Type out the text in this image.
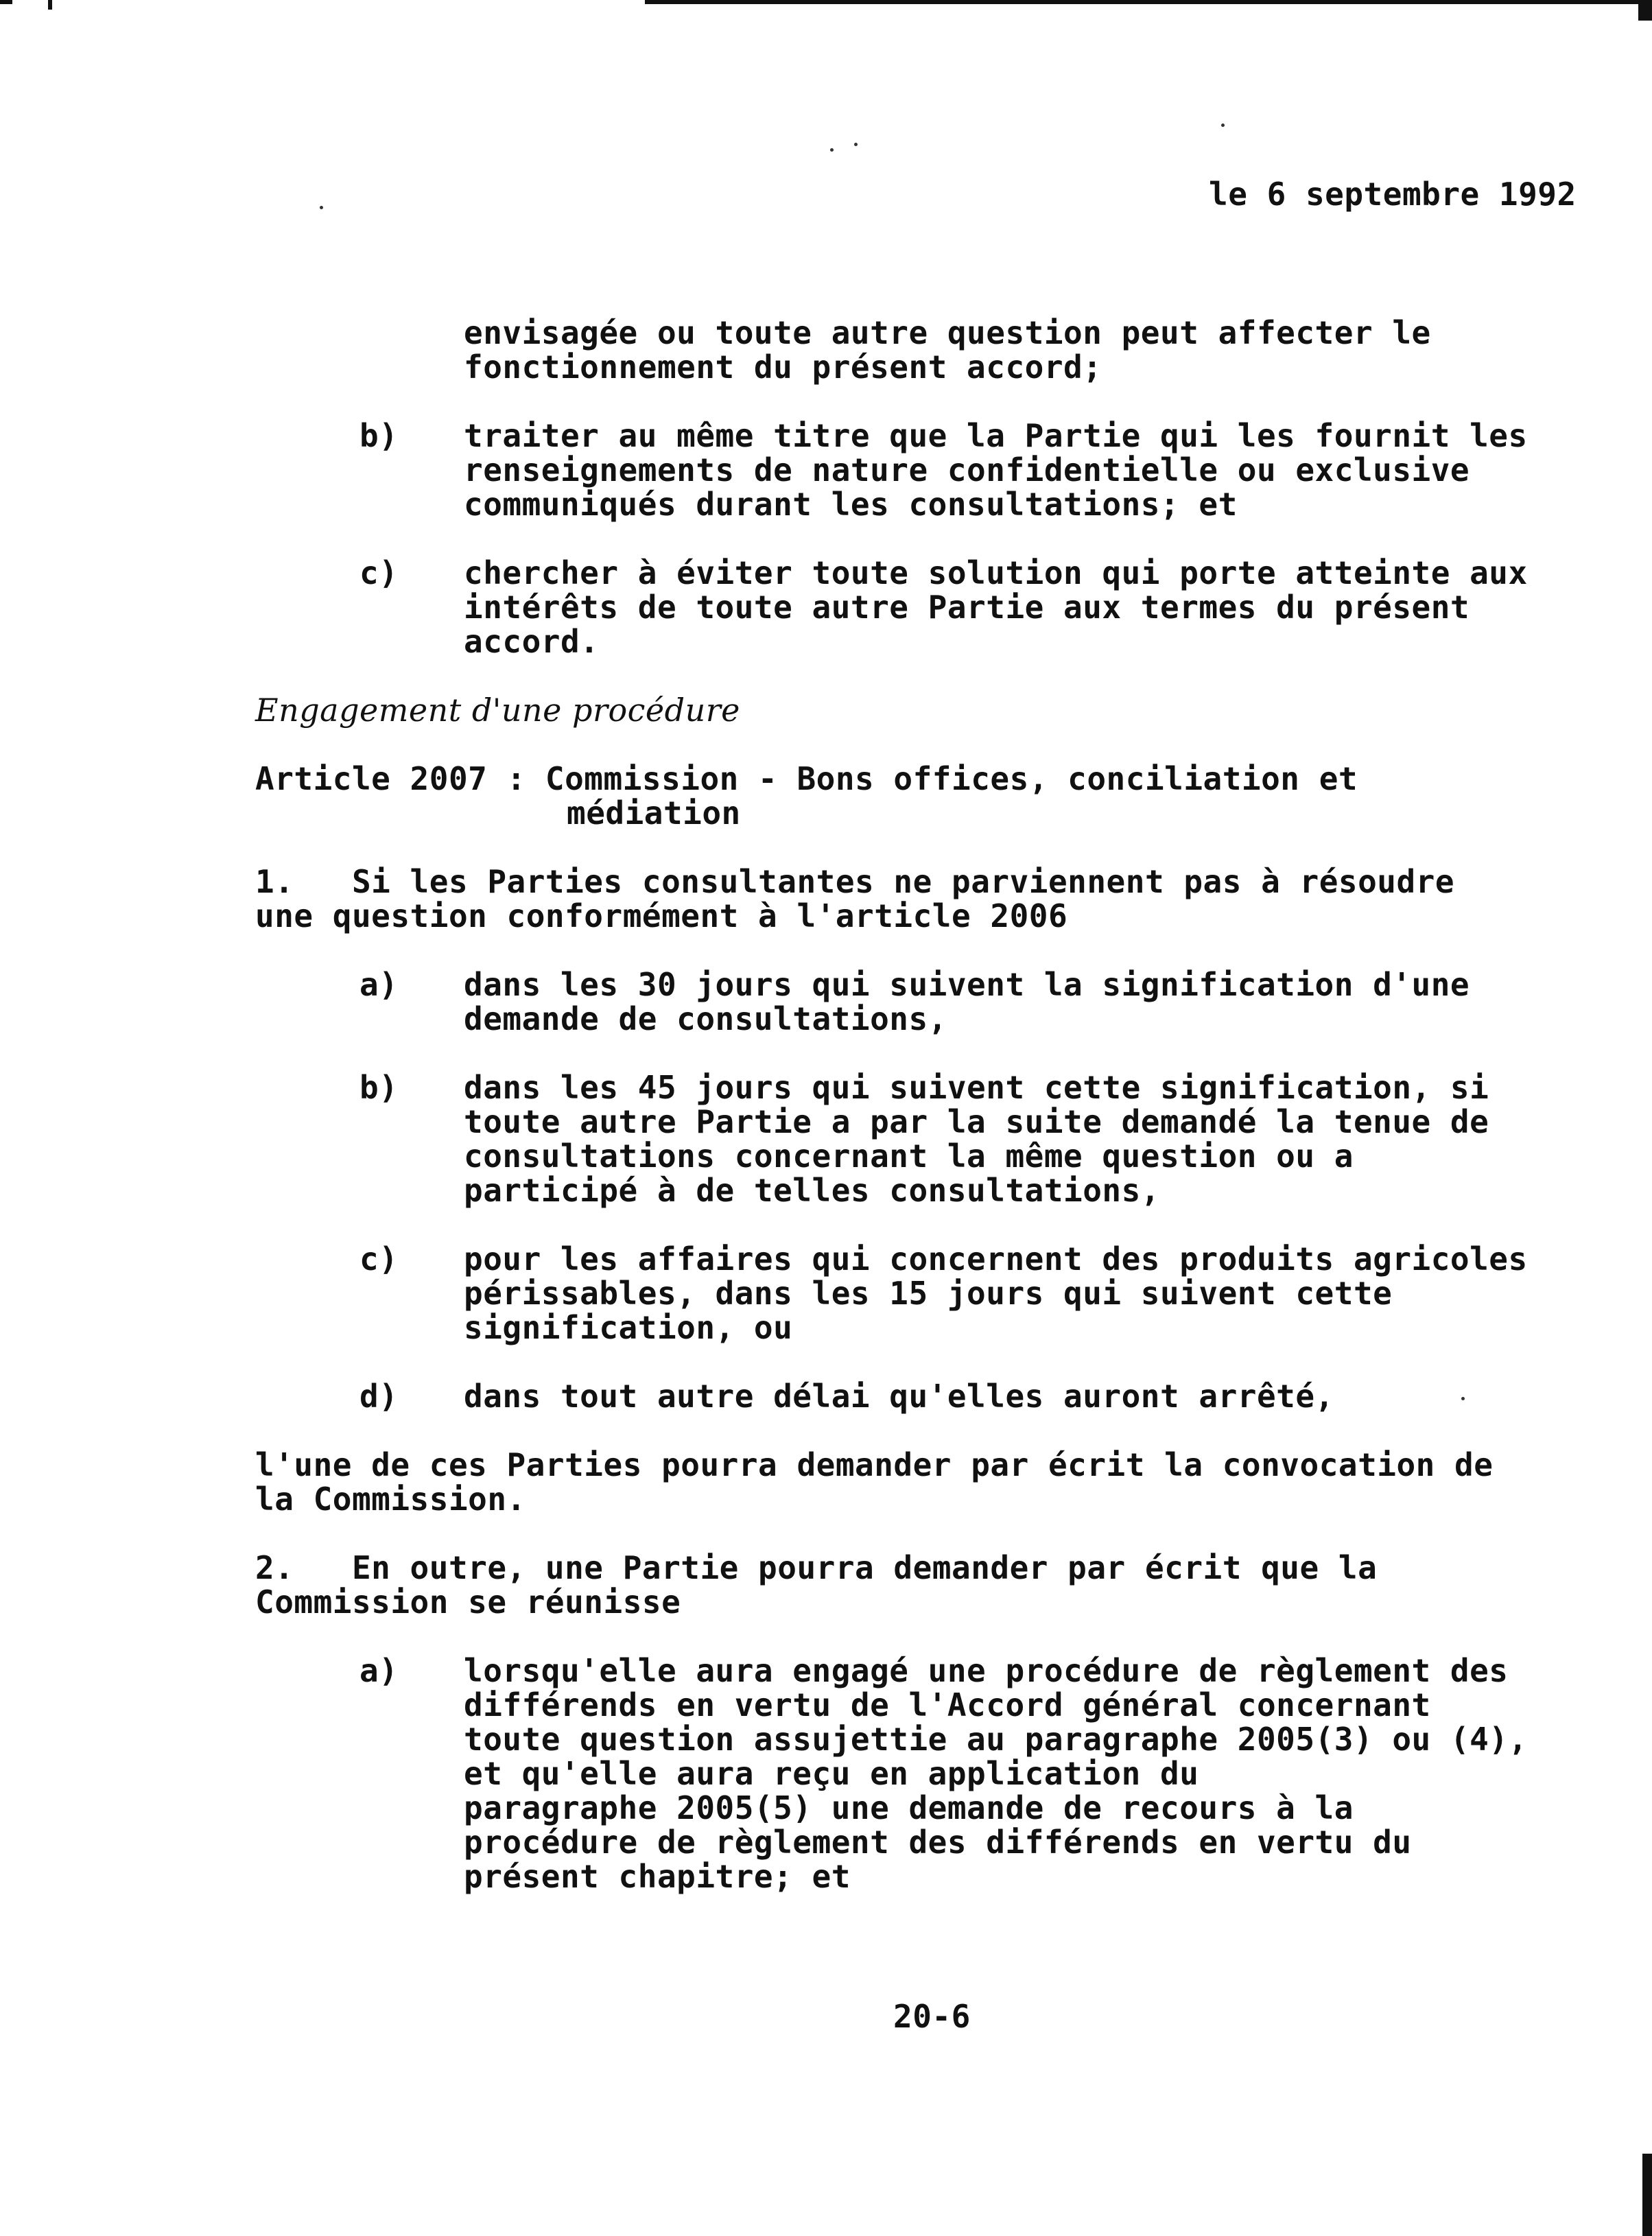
le 6 septembre 1992
envisagée ou toute autre question peut affecter le
fonctionnement du présent accord;
b) traiter au même titre que la Partie qui les fournit les
renseignements de nature confidentielle ou exclusive
communiqués durant les consultations; et
c) chercher à éviter toute solution qui porte atteinte aux
intérêts de toute autre Partie aux termes du présent
accord.
Engagement d'une procédure
Article 2007 : Commission - Bons offices, conciliation et
médiation
1.   Si les Parties consultantes ne parviennent pas à résoudre
une question conformément à l'article 2006
a) dans les 30 jours qui suivent la signification d'une
demande de consultations,
b) dans les 45 jours qui suivent cette signification, si
toute autre Partie a par la suite demandé la tenue de
consultations concernant la même question ou a
participé à de telles consultations,
c) pour les affaires qui concernent des produits agricoles
périssables, dans les 15 jours qui suivent cette
signification, ou
d) dans tout autre délai qu'elles auront arrêté,
l'une de ces Parties pourra demander par écrit la convocation de
la Commission.
2.   En outre, une Partie pourra demander par écrit que la
Commission se réunisse
a) lorsqu'elle aura engagé une procédure de règlement des
différends en vertu de l'Accord général concernant
toute question assujettie au paragraphe 2005(3) ou (4),
et qu'elle aura reçu en application du
paragraphe 2005(5) une demande de recours à la
procédure de règlement des différends en vertu du
présent chapitre; et
20-6
